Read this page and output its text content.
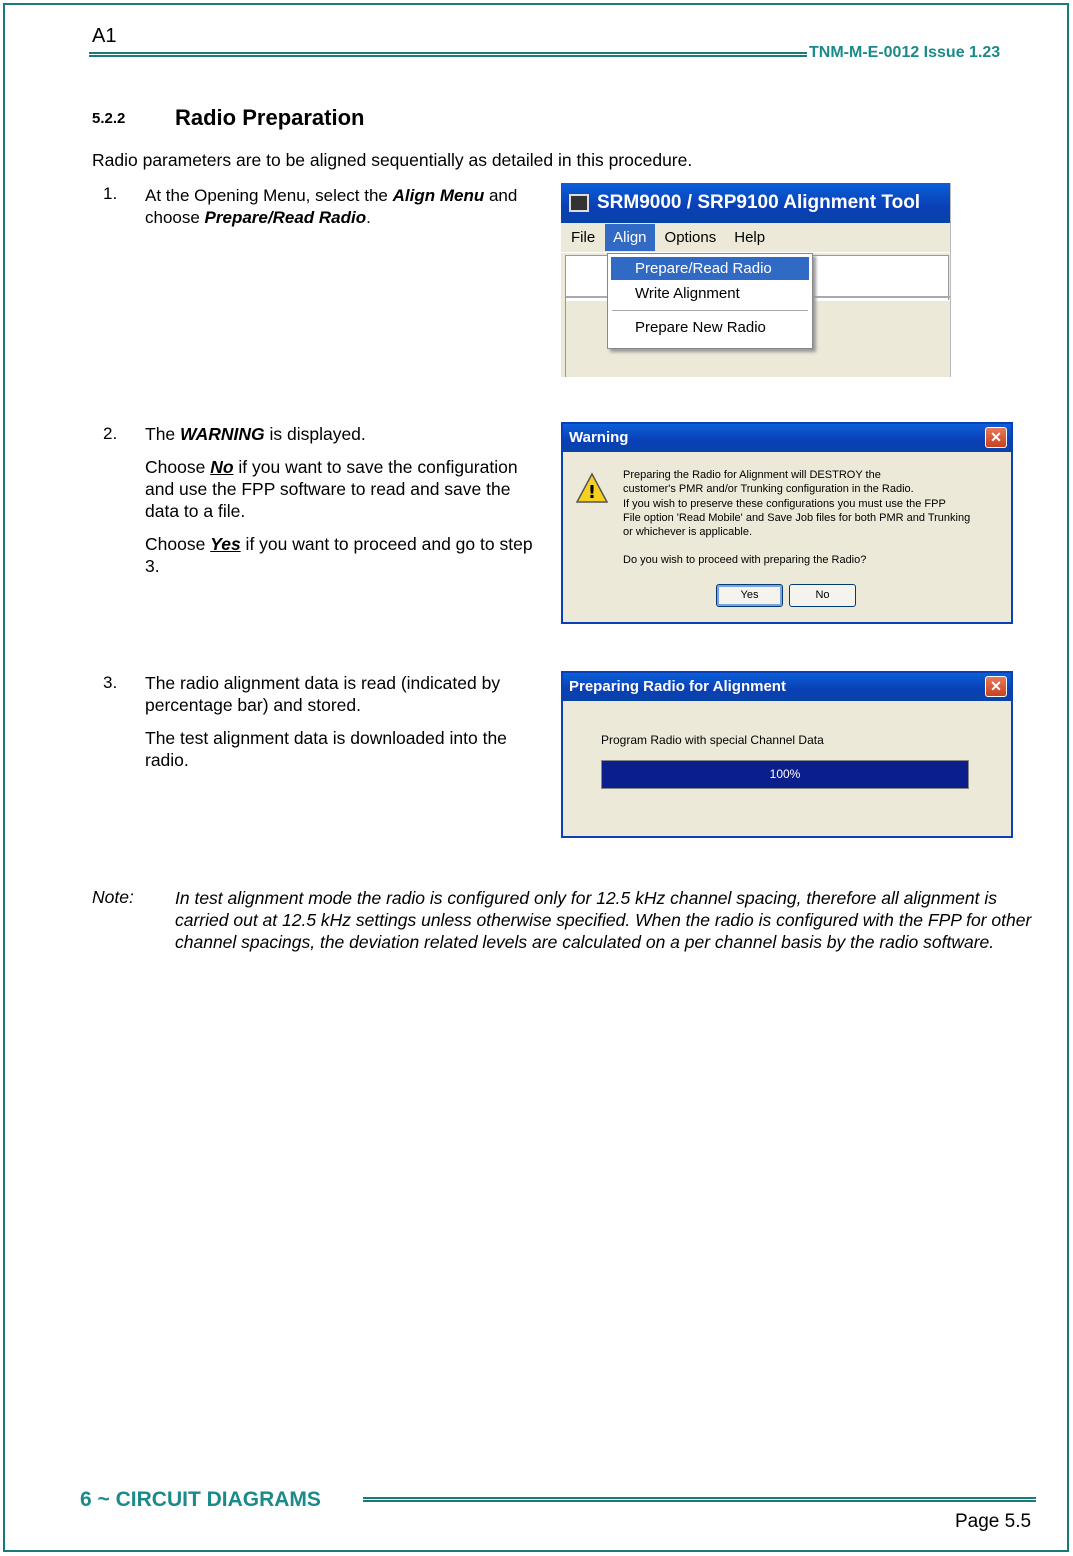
A1
TNM-M-E-0012 Issue 1.23
5.2.2 Radio Preparation
Radio parameters are to be aligned sequentially as detailed in this procedure.
1. At the Opening Menu, select the Align Menu and choose Prepare/Read Radio.
SRM9000 / SRP9100 Alignment Tool
File	Align	Options	Help
Prepare/Read Radio
Write Alignment
Prepare New Radio
2. The WARNING is displayed.

Choose No if you want to save the configuration and use the FPP software to read and save the data to a file.

Choose Yes if you want to proceed and go to step 3.

Warning	✕
!
Preparing the Radio for Alignment will DESTROY the
customer's PMR and/or Trunking configuration in the Radio.
If you wish to preserve these configurations you must use the FPP
File option 'Read Mobile' and Save Job files for both PMR and Trunking
or whichever is applicable.
Do you wish to proceed with preparing the Radio?
Yes	No
3. The radio alignment data is read (indicated by percentage bar) and stored.

The test alignment data is downloaded into the radio.

Preparing Radio for Alignment	✕
Program Radio with special Channel Data
100%
Note: In test alignment mode the radio is configured only for 12.5 kHz channel spacing, therefore all alignment is carried out at 12.5 kHz settings unless otherwise specified. When the radio is configured with the FPP for other channel spacings, the deviation related levels are calculated on a per channel basis by the radio software.
6 ~ CIRCUIT DIAGRAMS
Page 5.5
